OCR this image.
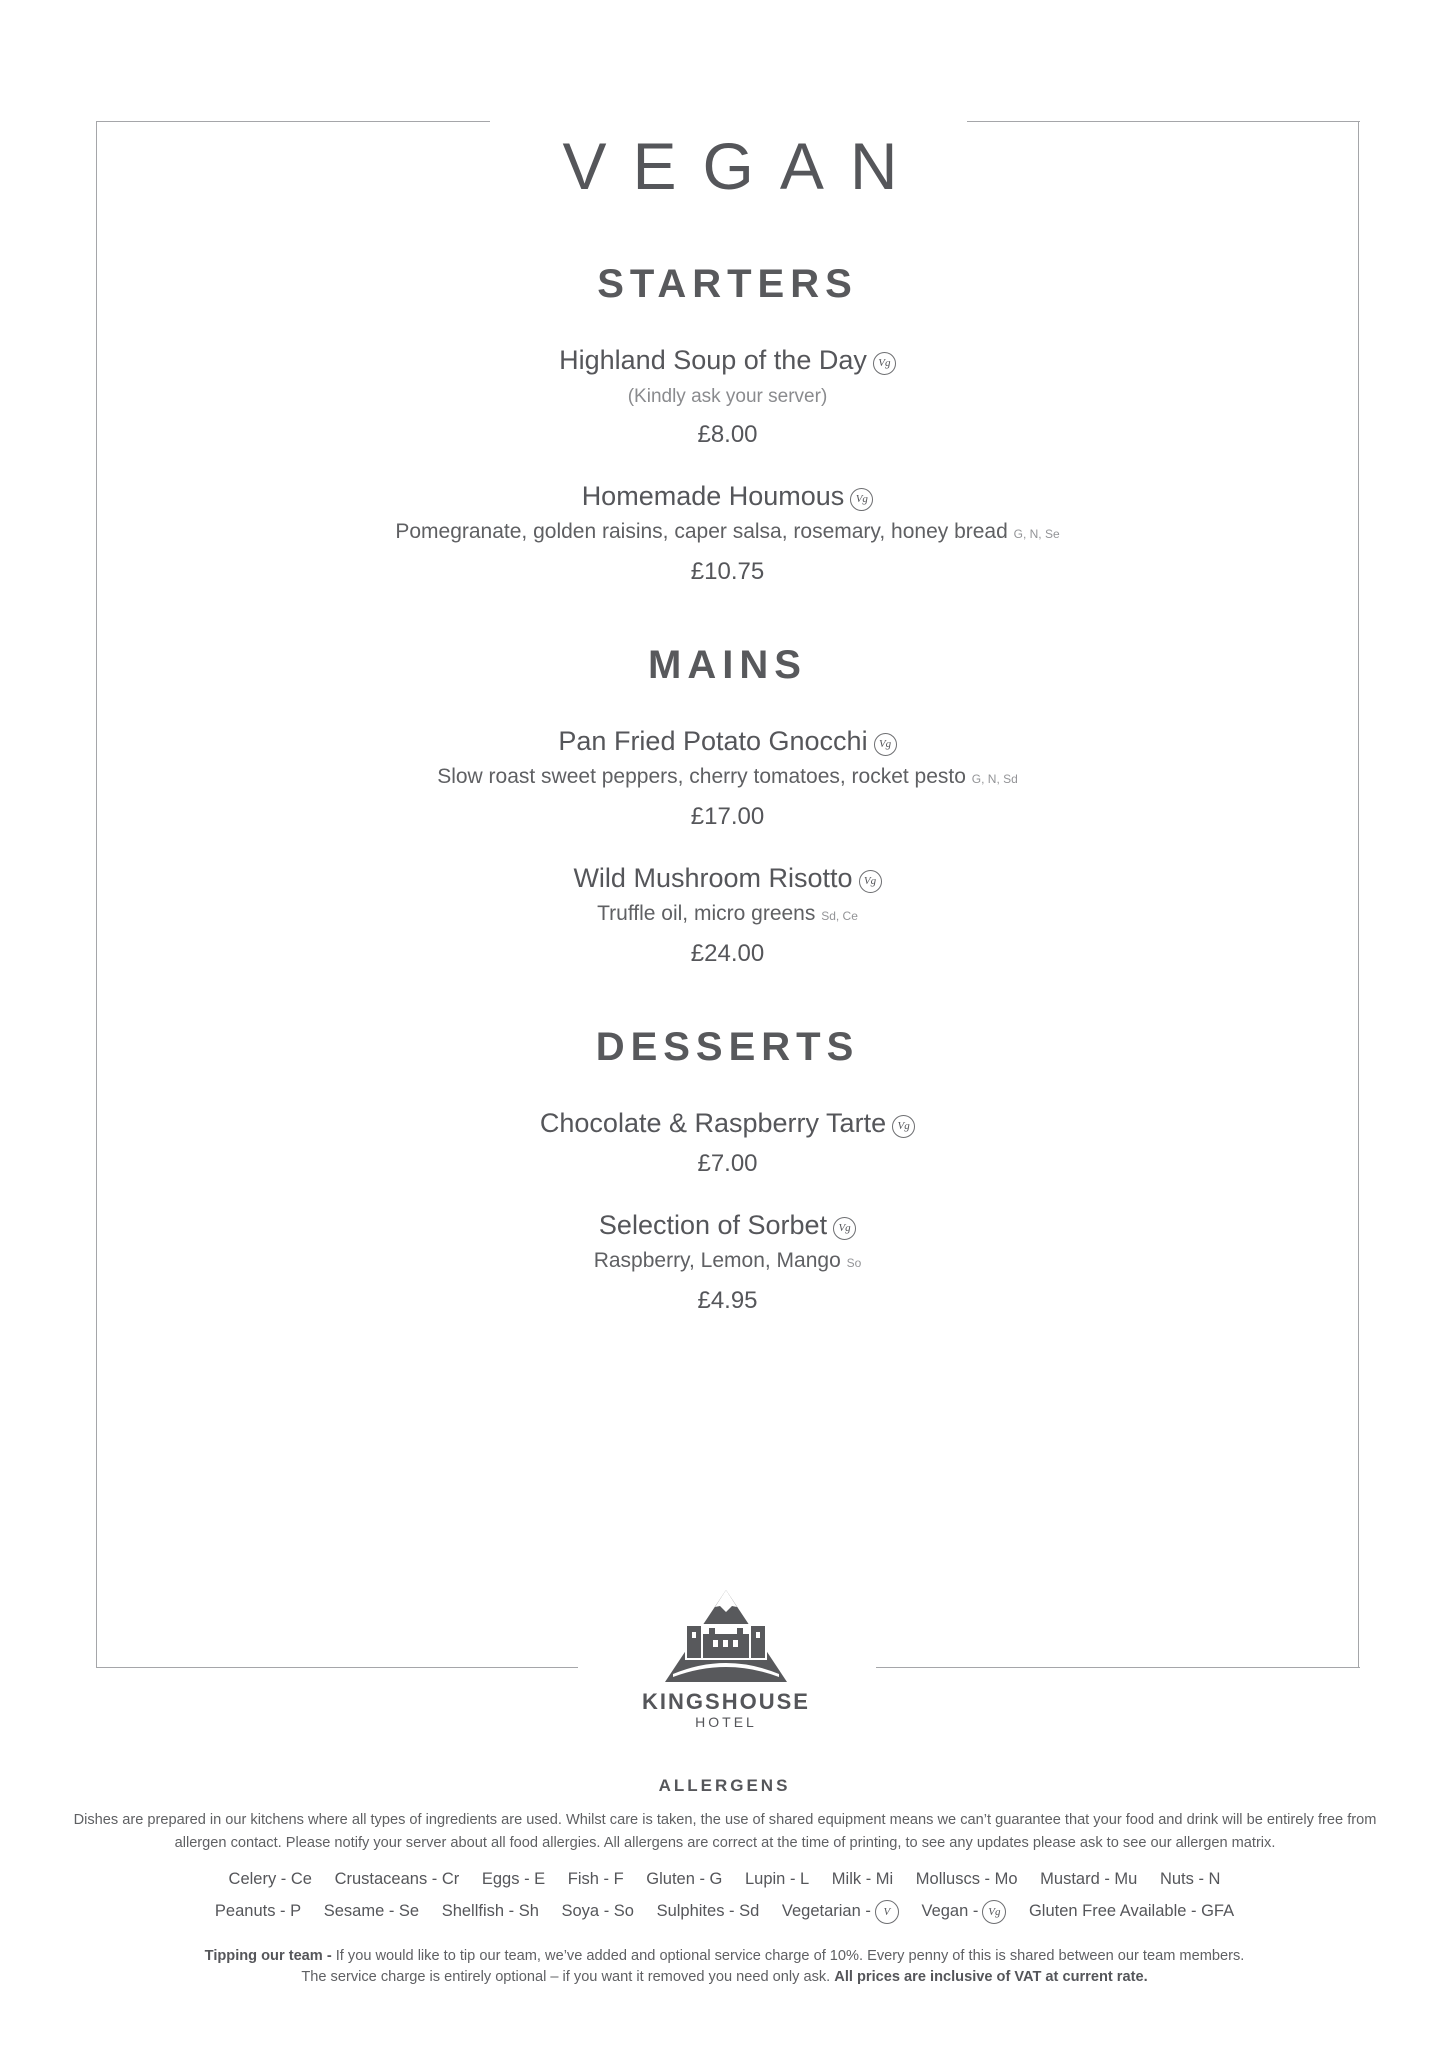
VEGAN
STARTERS
Highland Soup of the Day Vg
(Kindly ask your server)
£8.00
Homemade Houmous Vg
Pomegranate, golden raisins, caper salsa, rosemary, honey bread G, N, Se
£10.75
MAINS
Pan Fried Potato Gnocchi Vg
Slow roast sweet peppers, cherry tomatoes, rocket pesto G, N, Sd
£17.00
Wild Mushroom Risotto Vg
Truffle oil, micro greens Sd, Ce
£24.00
DESSERTS
Chocolate & Raspberry Tarte Vg
£7.00
Selection of Sorbet Vg
Raspberry, Lemon, Mango So
£4.95
KINGSHOUSE
HOTEL
ALLERGENS
Dishes are prepared in our kitchens where all types of ingredients are used. Whilst care is taken, the use of shared equipment means we can’t guarantee that your food and drink will be entirely free from allergen contact. Please notify your server about all food allergies. All allergens are correct at the time of printing, to see any updates please ask to see our allergen matrix.
Celery - Ce Crustaceans - Cr Eggs - E Fish - F Gluten - G Lupin - L Milk - Mi Molluscs - Mo Mustard - Mu Nuts - N
Peanuts - P Sesame - Se Shellfish - Sh Soya - So Sulphites - Sd Vegetarian - V Vegan - Vg Gluten Free Available - GFA
Tipping our team - If you would like to tip our team, we’ve added and optional service charge of 10%. Every penny of this is shared between our team members.
The service charge is entirely optional – if you want it removed you need only ask. All prices are inclusive of VAT at current rate.
